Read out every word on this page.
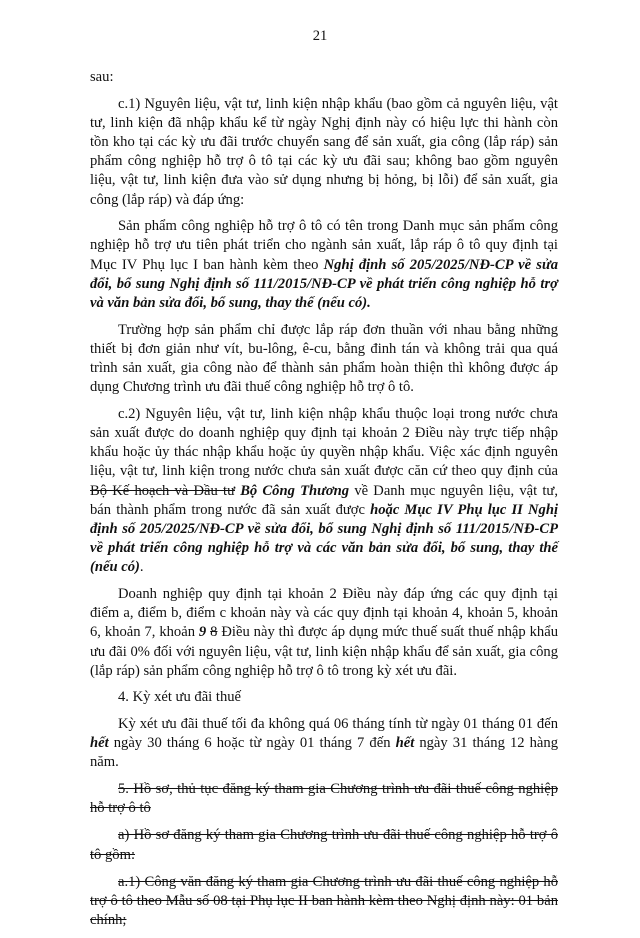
21

sau:

c.1) Nguyên liệu, vật tư, linh kiện nhập khẩu (bao gồm cả nguyên liệu, vật tư, linh kiện đã nhập khẩu kể từ ngày Nghị định này có hiệu lực thi hành còn tồn kho tại các kỳ ưu đãi trước chuyển sang để sản xuất, gia công (lắp ráp) sản phẩm công nghiệp hỗ trợ ô tô tại các kỳ ưu đãi sau; không bao gồm nguyên liệu, vật tư, linh kiện đưa vào sử dụng nhưng bị hỏng, bị lỗi) để sản xuất, gia công (lắp ráp) và đáp ứng:

Sản phẩm công nghiệp hỗ trợ ô tô có tên trong Danh mục sản phẩm công nghiệp hỗ trợ ưu tiên phát triển cho ngành sản xuất, lắp ráp ô tô quy định tại Mục IV Phụ lục I ban hành kèm theo Nghị định số 205/2025/NĐ-CP về sửa đổi, bổ sung Nghị định số 111/2015/NĐ-CP về phát triển công nghiệp hỗ trợ và văn bản sửa đổi, bổ sung, thay thế (nếu có).

Trường hợp sản phẩm chỉ được lắp ráp đơn thuần với nhau bằng những thiết bị đơn giản như vít, bu-lông, ê-cu, bằng đinh tán và không trải qua quá trình sản xuất, gia công nào để thành sản phẩm hoàn thiện thì không được áp dụng Chương trình ưu đãi thuế công nghiệp hỗ trợ ô tô.

c.2) Nguyên liệu, vật tư, linh kiện nhập khẩu thuộc loại trong nước chưa sản xuất được do doanh nghiệp quy định tại khoản 2 Điều này trực tiếp nhập khẩu hoặc ủy thác nhập khẩu hoặc ủy quyền nhập khẩu. Việc xác định nguyên liệu, vật tư, linh kiện trong nước chưa sản xuất được căn cứ theo quy định của Bộ Kế hoạch và Đầu tư Bộ Công Thương về Danh mục nguyên liệu, vật tư, bán thành phẩm trong nước đã sản xuất được hoặc Mục IV Phụ lục II Nghị định số 205/2025/NĐ-CP về sửa đổi, bổ sung Nghị định số 111/2015/NĐ-CP về phát triển công nghiệp hỗ trợ và các văn bản sửa đổi, bổ sung, thay thế (nếu có).

Doanh nghiệp quy định tại khoản 2 Điều này đáp ứng các quy định tại điểm a, điểm b, điểm c khoản này và các quy định tại khoản 4, khoản 5, khoản 6, khoản 7, khoản 9 8 Điều này thì được áp dụng mức thuế suất thuế nhập khẩu ưu đãi 0% đối với nguyên liệu, vật tư, linh kiện nhập khẩu để sản xuất, gia công (lắp ráp) sản phẩm công nghiệp hỗ trợ ô tô trong kỳ xét ưu đãi.

4. Kỳ xét ưu đãi thuế

Kỳ xét ưu đãi thuế tối đa không quá 06 tháng tính từ ngày 01 tháng 01 đến hết ngày 30 tháng 6 hoặc từ ngày 01 tháng 7 đến hết ngày 31 tháng 12 hàng năm.

5. Hồ sơ, thủ tục đăng ký tham gia Chương trình ưu đãi thuế công nghiệp hỗ trợ ô tô

a) Hồ sơ đăng ký tham gia Chương trình ưu đãi thuế công nghiệp hỗ trợ ô tô gồm:

a.1) Công văn đăng ký tham gia Chương trình ưu đãi thuế công nghiệp hỗ trợ ô tô theo Mẫu số 08 tại Phụ lục II ban hành kèm theo Nghị định này: 01 bản chính;
